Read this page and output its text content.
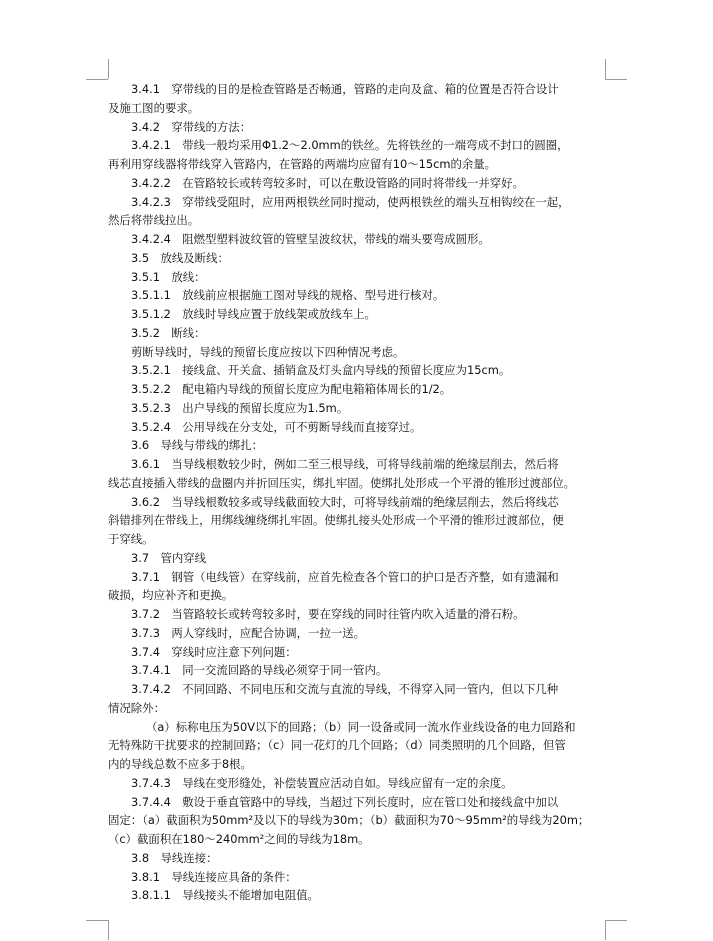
3.4.1　穿带线的目的是检查管路是否畅通，管路的走向及盒、箱的位置是否符合设计

及施工图的要求。

3.4.2　穿带线的方法：

3.4.2.1　带线一般均采用Φ1.2～2.0mm的铁丝。先将铁丝的一端弯成不封口的圆圈，

再利用穿线器将带线穿入管路内，在管路的两端均应留有10～15cm的余量。

3.4.2.2　在管路较长或转弯较多时，可以在敷设管路的同时将带线一并穿好。

3.4.2.3　穿带线受阻时，应用两根铁丝同时搅动，使两根铁丝的端头互相钩绞在一起，

然后将带线拉出。

3.4.2.4　阻燃型塑料波纹管的管壁呈波纹状，带线的端头要弯成圆形。

3.5　放线及断线：

3.5.1　放线：

3.5.1.1　放线前应根据施工图对导线的规格、型号进行核对。

3.5.1.2　放线时导线应置于放线架或放线车上。

3.5.2　断线：

剪断导线时，导线的预留长度应按以下四种情况考虑。

3.5.2.1　接线盒、开关盒、插销盒及灯头盒内导线的预留长度应为15cm。

3.5.2.2　配电箱内导线的预留长度应为配电箱箱体周长的1/2。

3.5.2.3　出户导线的预留长度应为1.5m。

3.5.2.4　公用导线在分支处，可不剪断导线而直接穿过。

3.6　导线与带线的绑扎：

3.6.1　当导线根数较少时，例如二至三根导线，可将导线前端的绝缘层削去，然后将

线芯直接插入带线的盘圈内并折回压实，绑扎牢固。使绑扎处形成一个平滑的锥形过渡部位。

3.6.2　当导线根数较多或导线截面较大时，可将导线前端的绝缘层削去，然后将线芯

斜错排列在带线上，用绑线缠绕绑扎牢固。使绑扎接头处形成一个平滑的锥形过渡部位，便

于穿线。

3.7　管内穿线

3.7.1　钢管（电线管）在穿线前，应首先检查各个管口的护口是否齐整，如有遗漏和

破损，均应补齐和更换。

3.7.2　当管路较长或转弯较多时，要在穿线的同时往管内吹入适量的滑石粉。

3.7.3　两人穿线时，应配合协调，一拉一送。

3.7.4　穿线时应注意下列问题：

3.7.4.1　同一交流回路的导线必须穿于同一管内。

3.7.4.2　不同回路、不同电压和交流与直流的导线，不得穿入同一管内，但以下几种

情况除外：

（a）标称电压为50V以下的回路；（b）同一设备或同一流水作业线设备的电力回路和

无特殊防干扰要求的控制回路；（c）同一花灯的几个回路；（d）同类照明的几个回路，但管

内的导线总数不应多于8根。

3.7.4.3　导线在变形缝处，补偿装置应活动自如。导线应留有一定的余度。

3.7.4.4　敷设于垂直管路中的导线，当超过下列长度时，应在管口处和接线盒中加以

固定：（a）截面积为50mm²及以下的导线为30m；（b）截面积为70～95mm²的导线为20m；

（c）截面积在180～240mm²之间的导线为18m。

3.8　导线连接：

3.8.1　导线连接应具备的条件：

3.8.1.1　导线接头不能增加电阻值。
